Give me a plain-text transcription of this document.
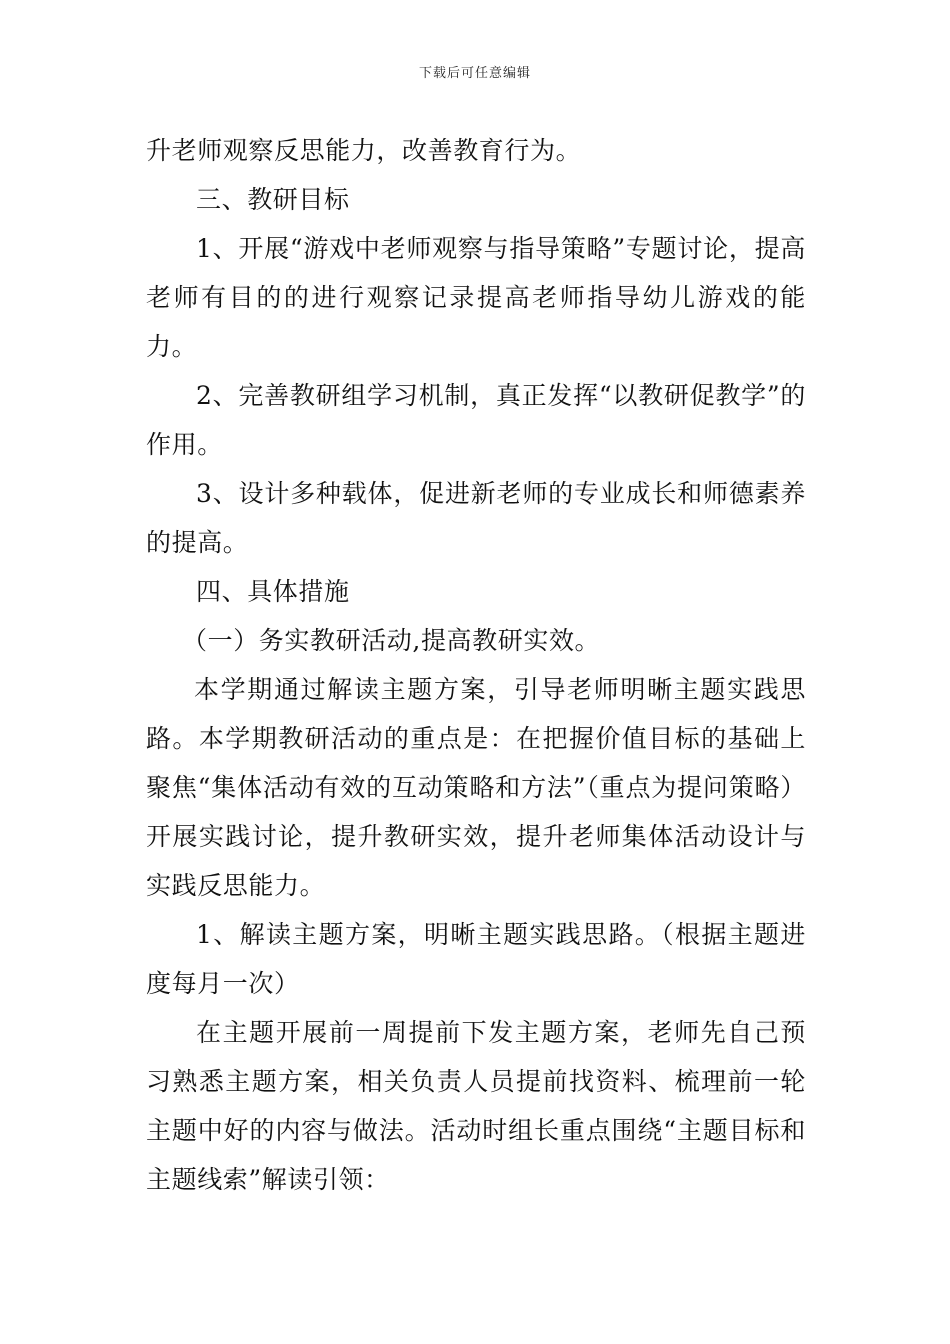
下载后可任意编辑

升老师观察反思能力，改善教育行为。

三、教研目标

1、开展“游戏中老师观察与指导策略”专题讨论，提高老师有目的的进行观察记录提高老师指导幼儿游戏的能力。

2、完善教研组学习机制，真正发挥“以教研促教学”的作用。

3、设计多种载体，促进新老师的专业成长和师德素养的提高。

四、具体措施

（一）务实教研活动,提高教研实效。

本学期通过解读主题方案，引导老师明晰主题实践思路。本学期教研活动的重点是：在把握价值目标的基础上聚焦“集体活动有效的互动策略和方法”（重点为提问策略）开展实践讨论，提升教研实效，提升老师集体活动设计与实践反思能力。

1、解读主题方案，明晰主题实践思路。（根据主题进度每月一次）

在主题开展前一周提前下发主题方案，老师先自己预习熟悉主题方案，相关负责人员提前找资料、梳理前一轮主题中好的内容与做法。活动时组长重点围绕“主题目标和主题线索”解读引领：
